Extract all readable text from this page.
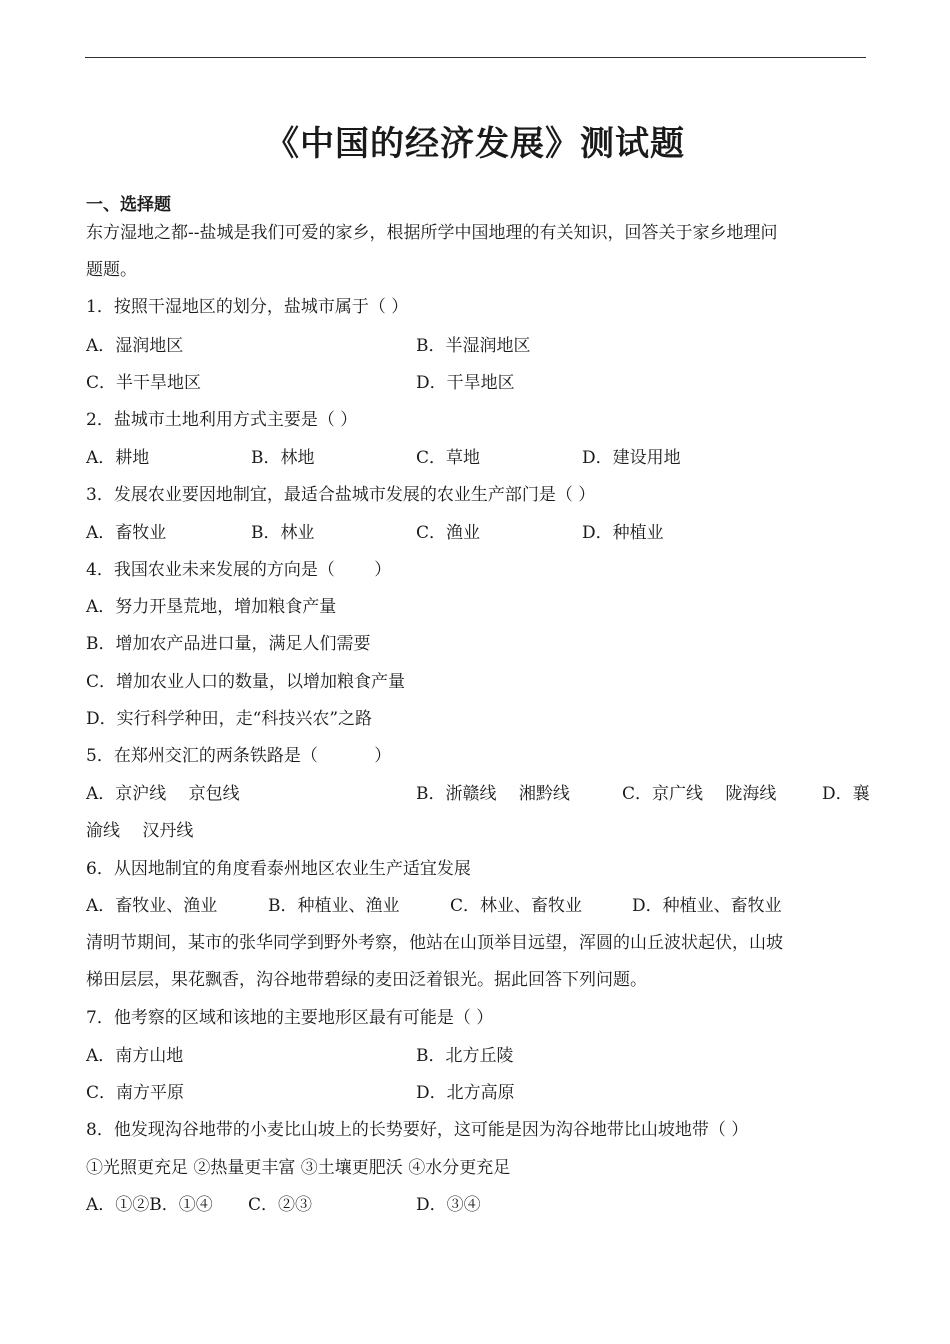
《中国的经济发展》测试题
一、选择题
东方湿地之都--盐城是我们可爱的家乡，根据所学中国地理的有关知识，回答关于家乡地理问
题题。
1．按照干湿地区的划分，盐城市属于（ ）
A．湿润地区	B．半湿润地区
C．半干旱地区	D．干旱地区
2．盐城市土地利用方式主要是（ ）
A．耕地	B．林地	C．草地	D．建设用地
3．发展农业要因地制宜，最适合盐城市发展的农业生产部门是（ ）
A．畜牧业	B．林业	C．渔业	D．种植业
4．我国农业未来发展的方向是（　　 ）
A．努力开垦荒地，增加粮食产量
B．增加农产品进口量，满足人们需要
C．增加农业人口的数量，以增加粮食产量
D．实行科学种田，走“科技兴农”之路
5．在郑州交汇的两条铁路是（　　　 ）
A．京沪线　 京包线	B．浙赣线　 湘黔线	C．京广线　 陇海线	D．襄
渝线　 汉丹线
6．从因地制宜的角度看泰州地区农业生产适宜发展
A．畜牧业、渔业	B．种植业、渔业	C．林业、畜牧业	D．种植业、畜牧业
清明节期间，某市的张华同学到野外考察，他站在山顶举目远望，浑圆的山丘波状起伏，山坡
梯田层层，果花飘香，沟谷地带碧绿的麦田泛着银光。据此回答下列问题。
7．他考察的区域和该地的主要地形区最有可能是（ ）
A．南方山地	B．北方丘陵
C．南方平原	D．北方高原
8．他发现沟谷地带的小麦比山坡上的长势要好，这可能是因为沟谷地带比山坡地带（ ）
①光照更充足 ②热量更丰富 ③土壤更肥沃 ④水分更充足
A．①②B．①④ C．②③	D．③④
